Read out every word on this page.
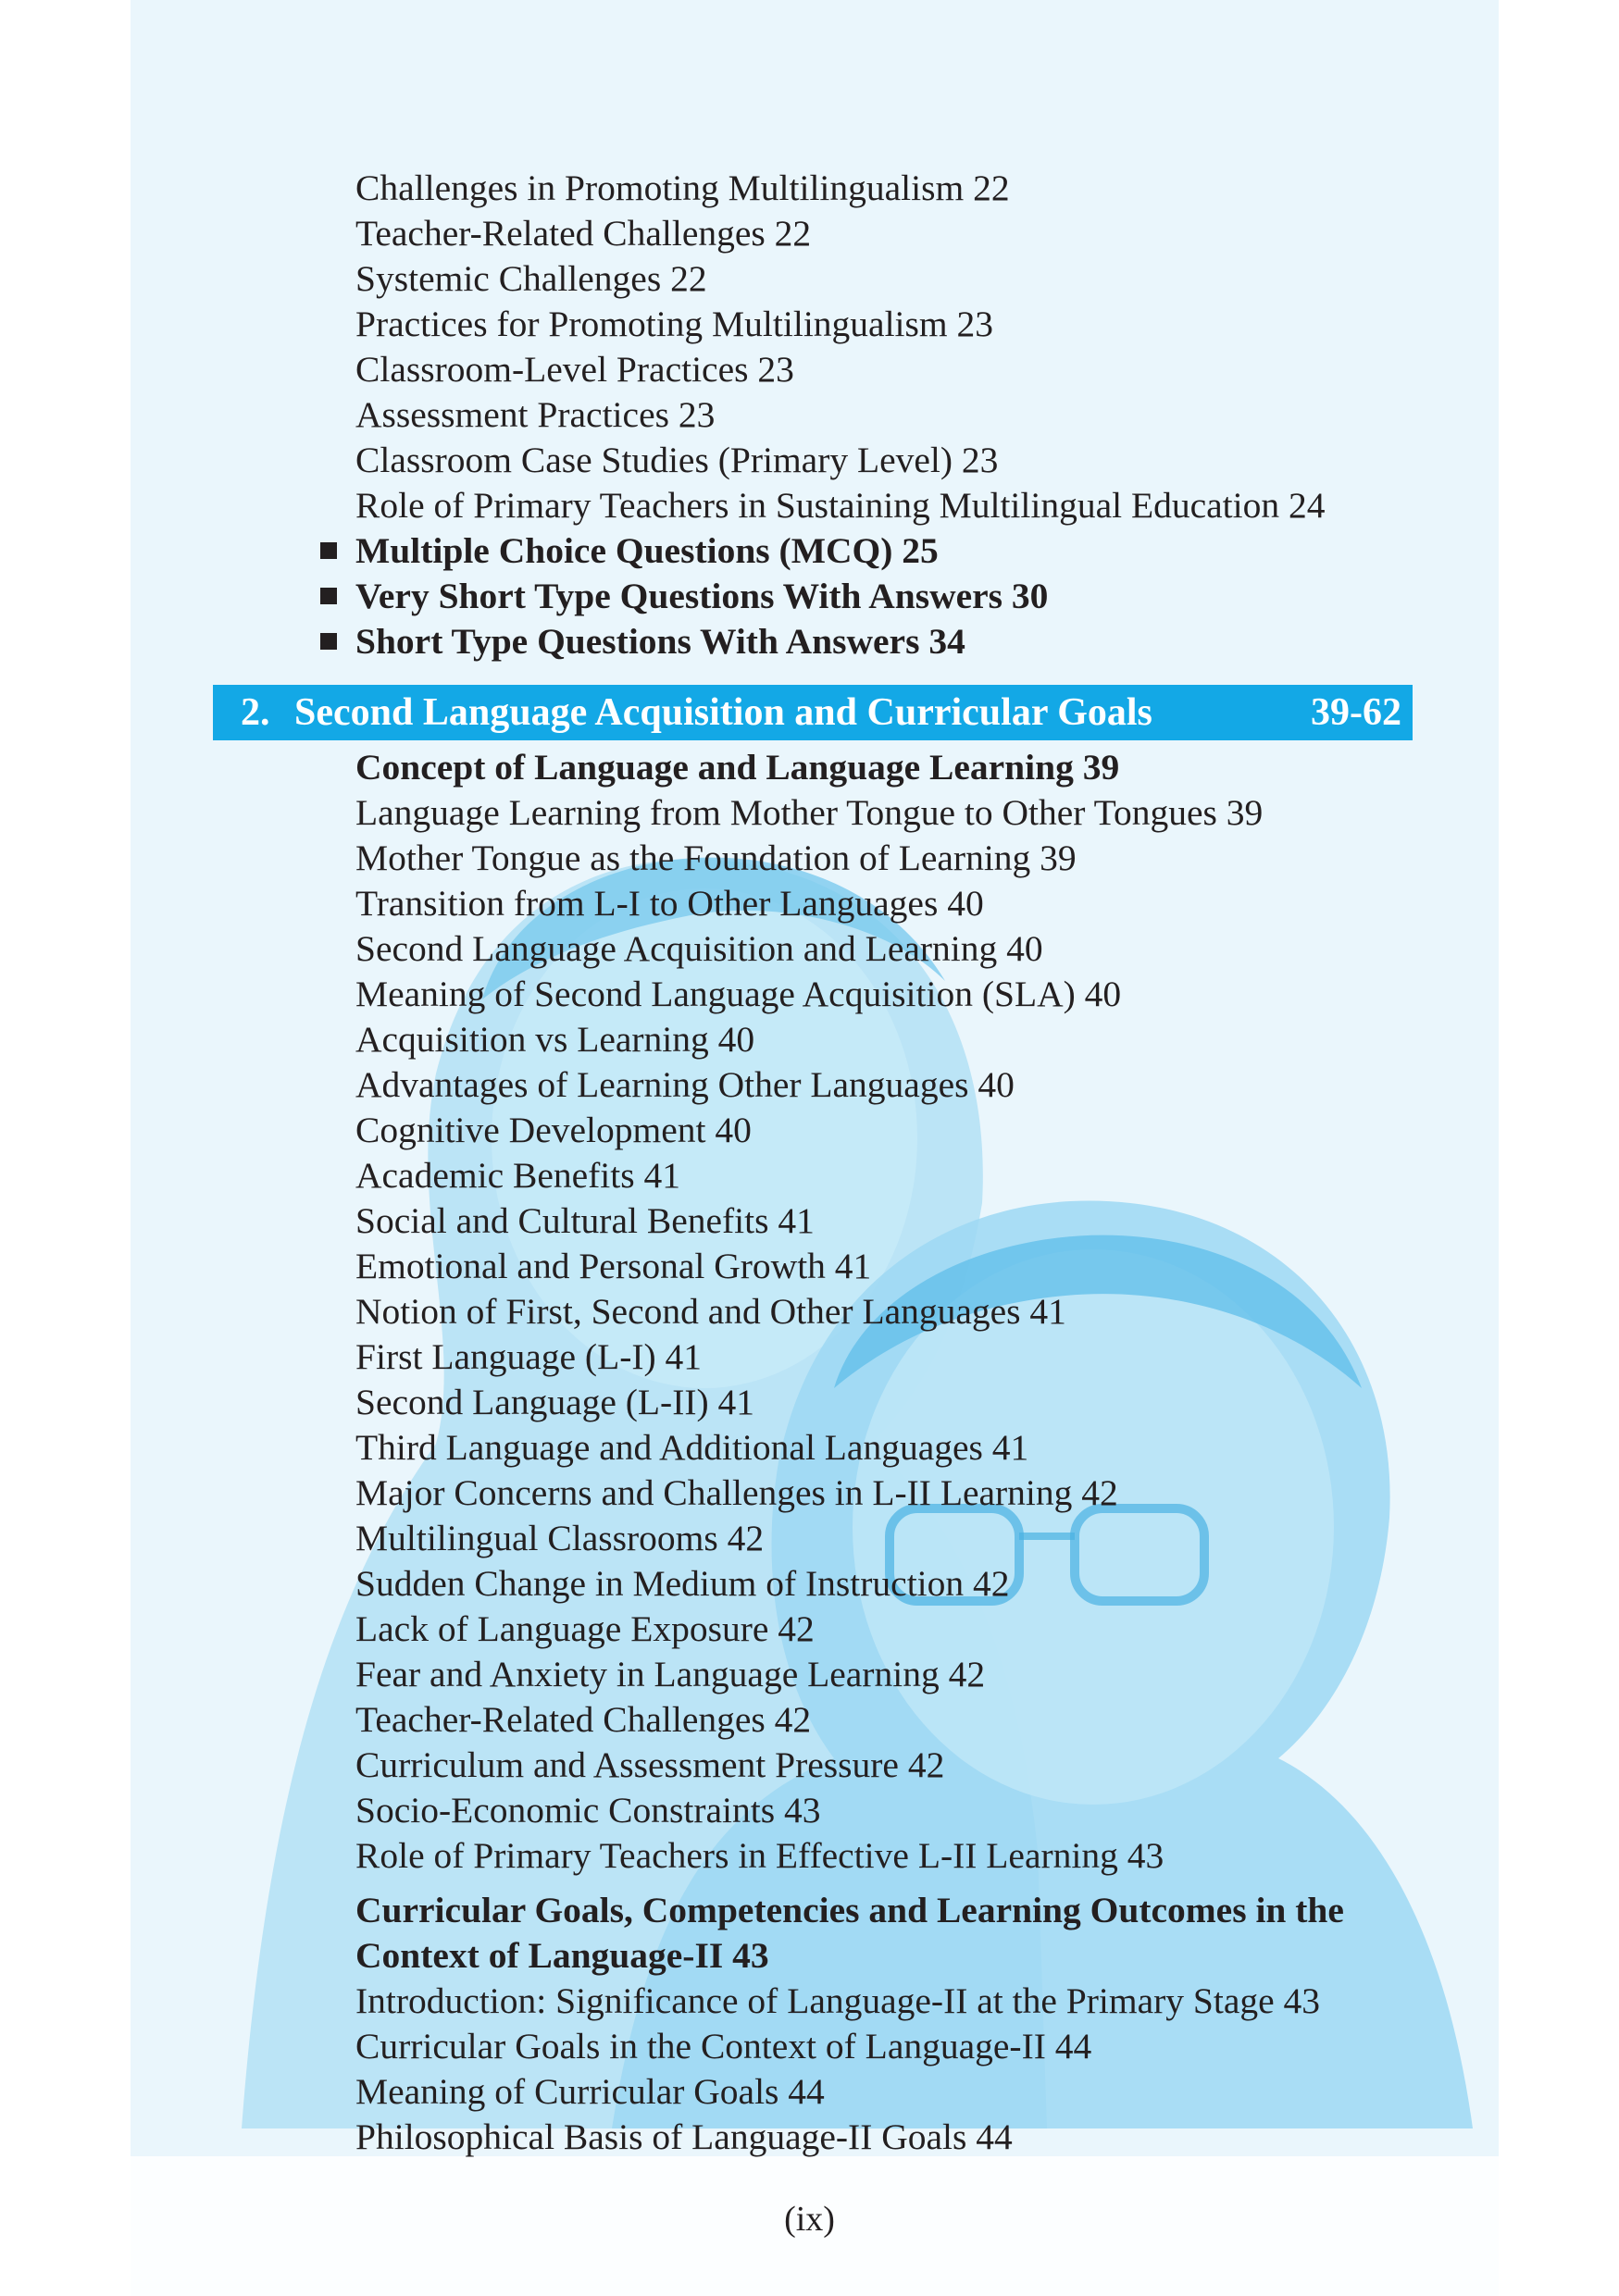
Challenges in Promoting Multilingualism 22
Teacher-Related Challenges 22
Systemic Challenges 22
Practices for Promoting Multilingualism 23
Classroom-Level Practices 23
Assessment Practices 23
Classroom Case Studies (Primary Level) 23
Role of Primary Teachers in Sustaining Multilingual Education 24
Multiple Choice Questions (MCQ) 25
Very Short Type Questions With Answers 30
Short Type Questions With Answers 34
2. Second Language Acquisition and Curricular Goals	39-62
Concept of Language and Language Learning 39
Language Learning from Mother Tongue to Other Tongues 39
Mother Tongue as the Foundation of Learning 39
Transition from L-I to Other Languages 40
Second Language Acquisition and Learning 40
Meaning of Second Language Acquisition (SLA) 40
Acquisition vs Learning 40
Advantages of Learning Other Languages 40
Cognitive Development 40
Academic Benefits 41
Social and Cultural Benefits 41
Emotional and Personal Growth 41
Notion of First, Second and Other Languages 41
First Language (L-I) 41
Second Language (L-II) 41
Third Language and Additional Languages 41
Major Concerns and Challenges in L-II Learning 42
Multilingual Classrooms 42
Sudden Change in Medium of Instruction 42
Lack of Language Exposure 42
Fear and Anxiety in Language Learning 42
Teacher-Related Challenges 42
Curriculum and Assessment Pressure 42
Socio-Economic Constraints 43
Role of Primary Teachers in Effective L-II Learning 43
Curricular Goals, Competencies and Learning Outcomes in the
Context of Language-II 43
Introduction: Significance of Language-II at the Primary Stage 43
Curricular Goals in the Context of Language-II 44
Meaning of Curricular Goals 44
Philosophical Basis of Language-II Goals 44
(ix)
